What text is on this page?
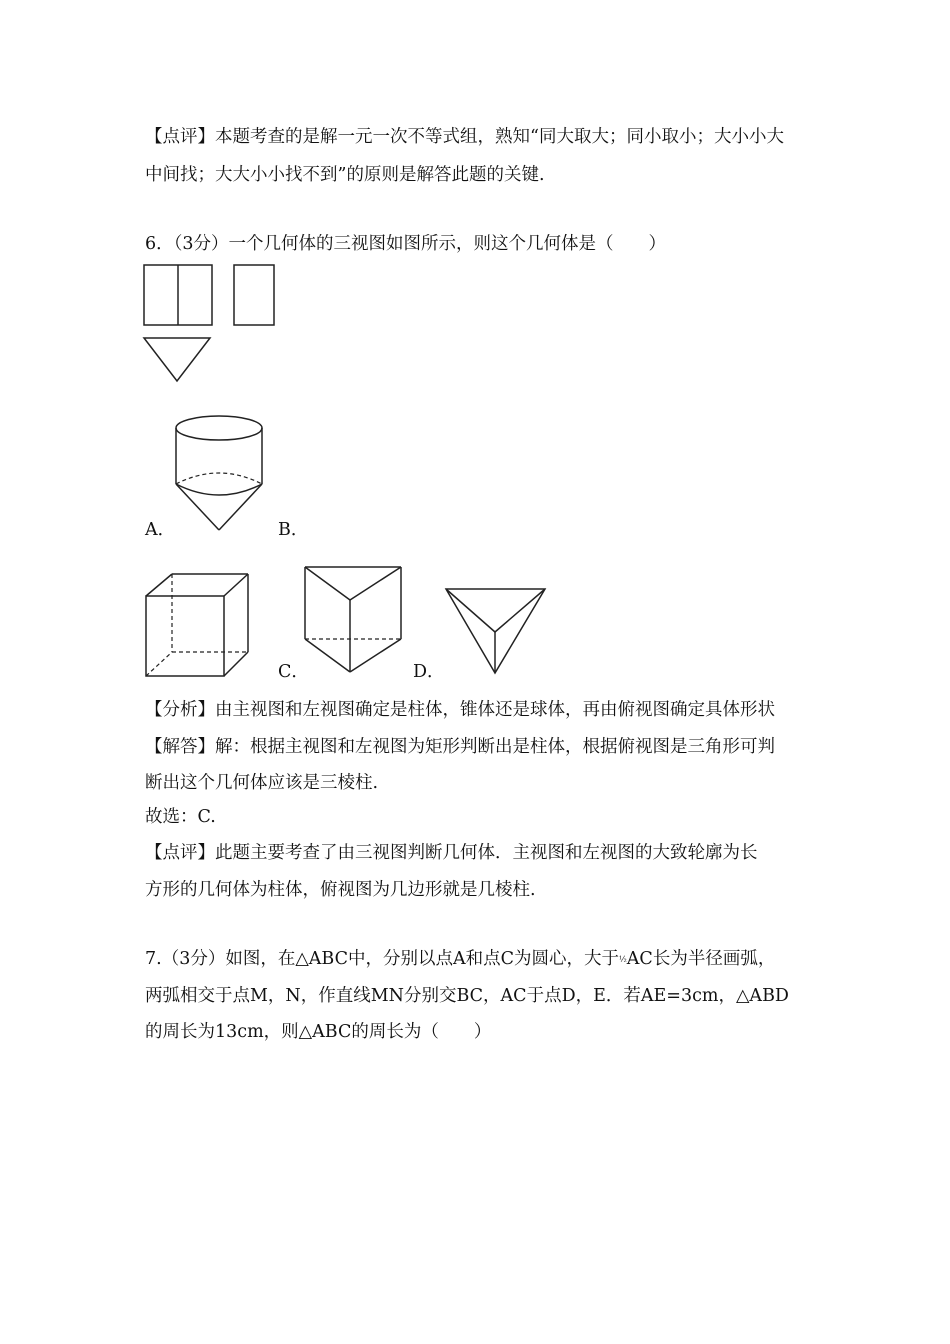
【点评】本题考查的是解一元一次不等式组，熟知“同大取大；同小取小；大小小大
中间找；大大小小找不到”的原则是解答此题的关键.
6．（3分）一个几何体的三视图如图所示，则这个几何体是（　　）
A．	B．
C．	D．
【分析】由主视图和左视图确定是柱体，锥体还是球体，再由俯视图确定具体形状
【解答】解：根据主视图和左视图为矩形判断出是柱体，根据俯视图是三角形可判
断出这个几何体应该是三棱柱.
故选：C.
【点评】此题主要考查了由三视图判断几何体．主视图和左视图的大致轮廓为长
方形的几何体为柱体，俯视图为几边形就是几棱柱.
7.（3分）如图，在△ABC中，分别以点A和点C为圆心，大于½AC长为半径画弧，
两弧相交于点M，N，作直线MN分别交BC，AC于点D，E．若AE=3cm，△ABD
的周长为13cm，则△ABC的周长为（　　）
